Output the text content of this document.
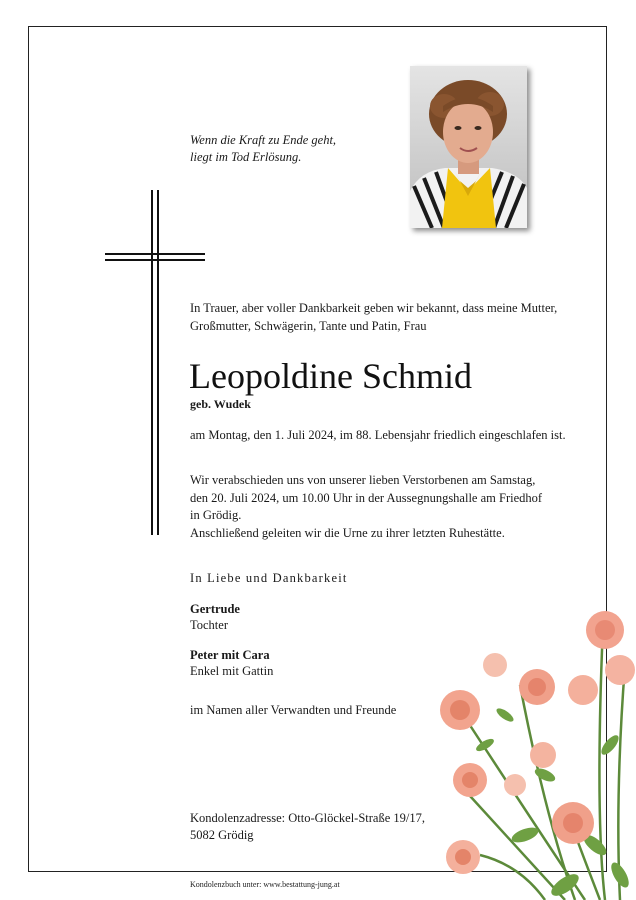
Wenn die Kraft zu Ende geht,
liegt im Tod Erlösung.
In Trauer, aber voller Dankbarkeit geben wir bekannt, dass meine Mutter,
Großmutter, Schwägerin, Tante und Patin, Frau
Leopoldine Schmid
geb. Wudek
am Montag, den 1. Juli 2024, im 88. Lebensjahr friedlich eingeschlafen ist.
Wir verabschieden uns von unserer lieben Verstorbenen am Samstag,
den 20. Juli 2024, um 10.00 Uhr in der Aussegnungshalle am Friedhof
in Grödig.
Anschließend geleiten wir die Urne zu ihrer letzten Ruhestätte.
In Liebe und Dankbarkeit
Gertrude
Tochter
Peter mit Cara
Enkel mit Gattin
im Namen aller Verwandten und Freunde
Kondolenzadresse: Otto-Glöckel-Straße 19/17,
5082 Grödig
Kondolenzbuch unter: www.bestattung-jung.at
